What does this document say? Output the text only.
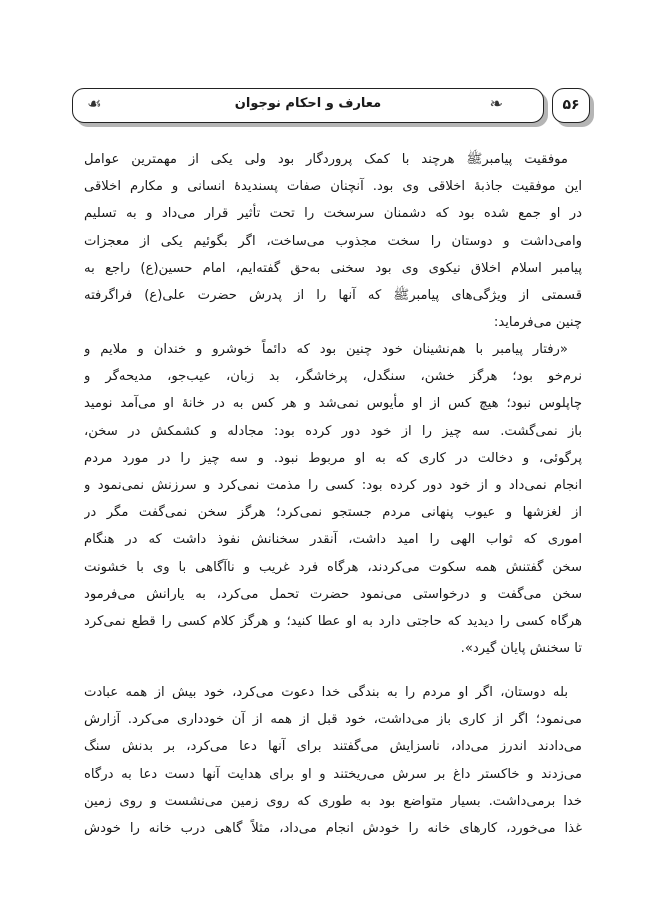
☙	معارف و احکام نوجوان	❧	۵۶
موفقیت پیامبرﷺ هرچند با کمک پروردگار بود ولی یکی از مهمترین عوامل
این موفقیت جاذبهٔ اخلاقی وی بود. آنچنان صفات پسندیدهٔ انسانی و مکارم اخلاقی
در او جمع شده بود که دشمنان سرسخت را تحت تأثیر قرار می‌داد و به تسلیم
وامی‌داشت و دوستان را سخت مجذوب می‌ساخت، اگر بگوئیم یکی از معجزات
پیامبر اسلام اخلاق نیکوی وی بود سخنی به‌حق گفته‌ایم، امام حسین(ع) راجع به
قسمتی از ویژگی‌های پیامبرﷺ که آنها را از پدرش حضرت علی(ع) فراگرفته
چنین می‌فرماید:
«رفتار پیامبر با هم‌نشینان خود چنین بود که دائماً خوشرو و خندان و ملایم و
نرم‌خو بود؛ هرگز خشن، سنگدل، پرخاشگر، بد زبان، عیب‌جو، مدیحه‌گر و
چاپلوس نبود؛ هیچ کس از او مأیوس نمی‌شد و هر کس به در خانهٔ او می‌آمد نومید
باز نمی‌گشت. سه چیز را از خود دور کرده بود: مجادله و کشمکش در سخن،
پرگوئی، و دخالت در کاری که به او مربوط نبود. و سه چیز را در مورد مردم
انجام نمی‌داد و از خود دور کرده بود: کسی را مذمت نمی‌کرد و سرزنش نمی‌نمود و
از لغزشها و عیوب پنهانی مردم جستجو نمی‌کرد؛ هرگز سخن نمی‌گفت مگر در
اموری که ثواب الهی را امید داشت، آنقدر سخنانش نفوذ داشت که در هنگام
سخن گفتنش همه سکوت می‌کردند، هرگاه فرد غریب و ناآگاهی با وی با خشونت
سخن می‌گفت و درخواستی می‌نمود حضرت تحمل می‌کرد، به یارانش می‌فرمود
هرگاه کسی را دیدید که حاجتی دارد به او عطا کنید؛ و هرگز کلام کسی را قطع نمی‌کرد
تا سخنش پایان گیرد».
بله دوستان، اگر او مردم را به بندگی خدا دعوت می‌کرد، خود بیش از همه عبادت
می‌نمود؛ اگر از کاری باز می‌داشت، خود قبل از همه از آن خودداری می‌کرد. آزارش
می‌دادند اندرز می‌داد، ناسزایش می‌گفتند برای آنها دعا می‌کرد، بر بدنش سنگ
می‌زدند و خاکستر داغ بر سرش می‌ریختند و او برای هدایت آنها دست دعا به درگاه
خدا برمی‌داشت. بسیار متواضع بود به طوری که روی زمین می‌نشست و روی زمین
غذا می‌خورد، کارهای خانه را خودش انجام می‌داد، مثلاً گاهی درب خانه را خودش
